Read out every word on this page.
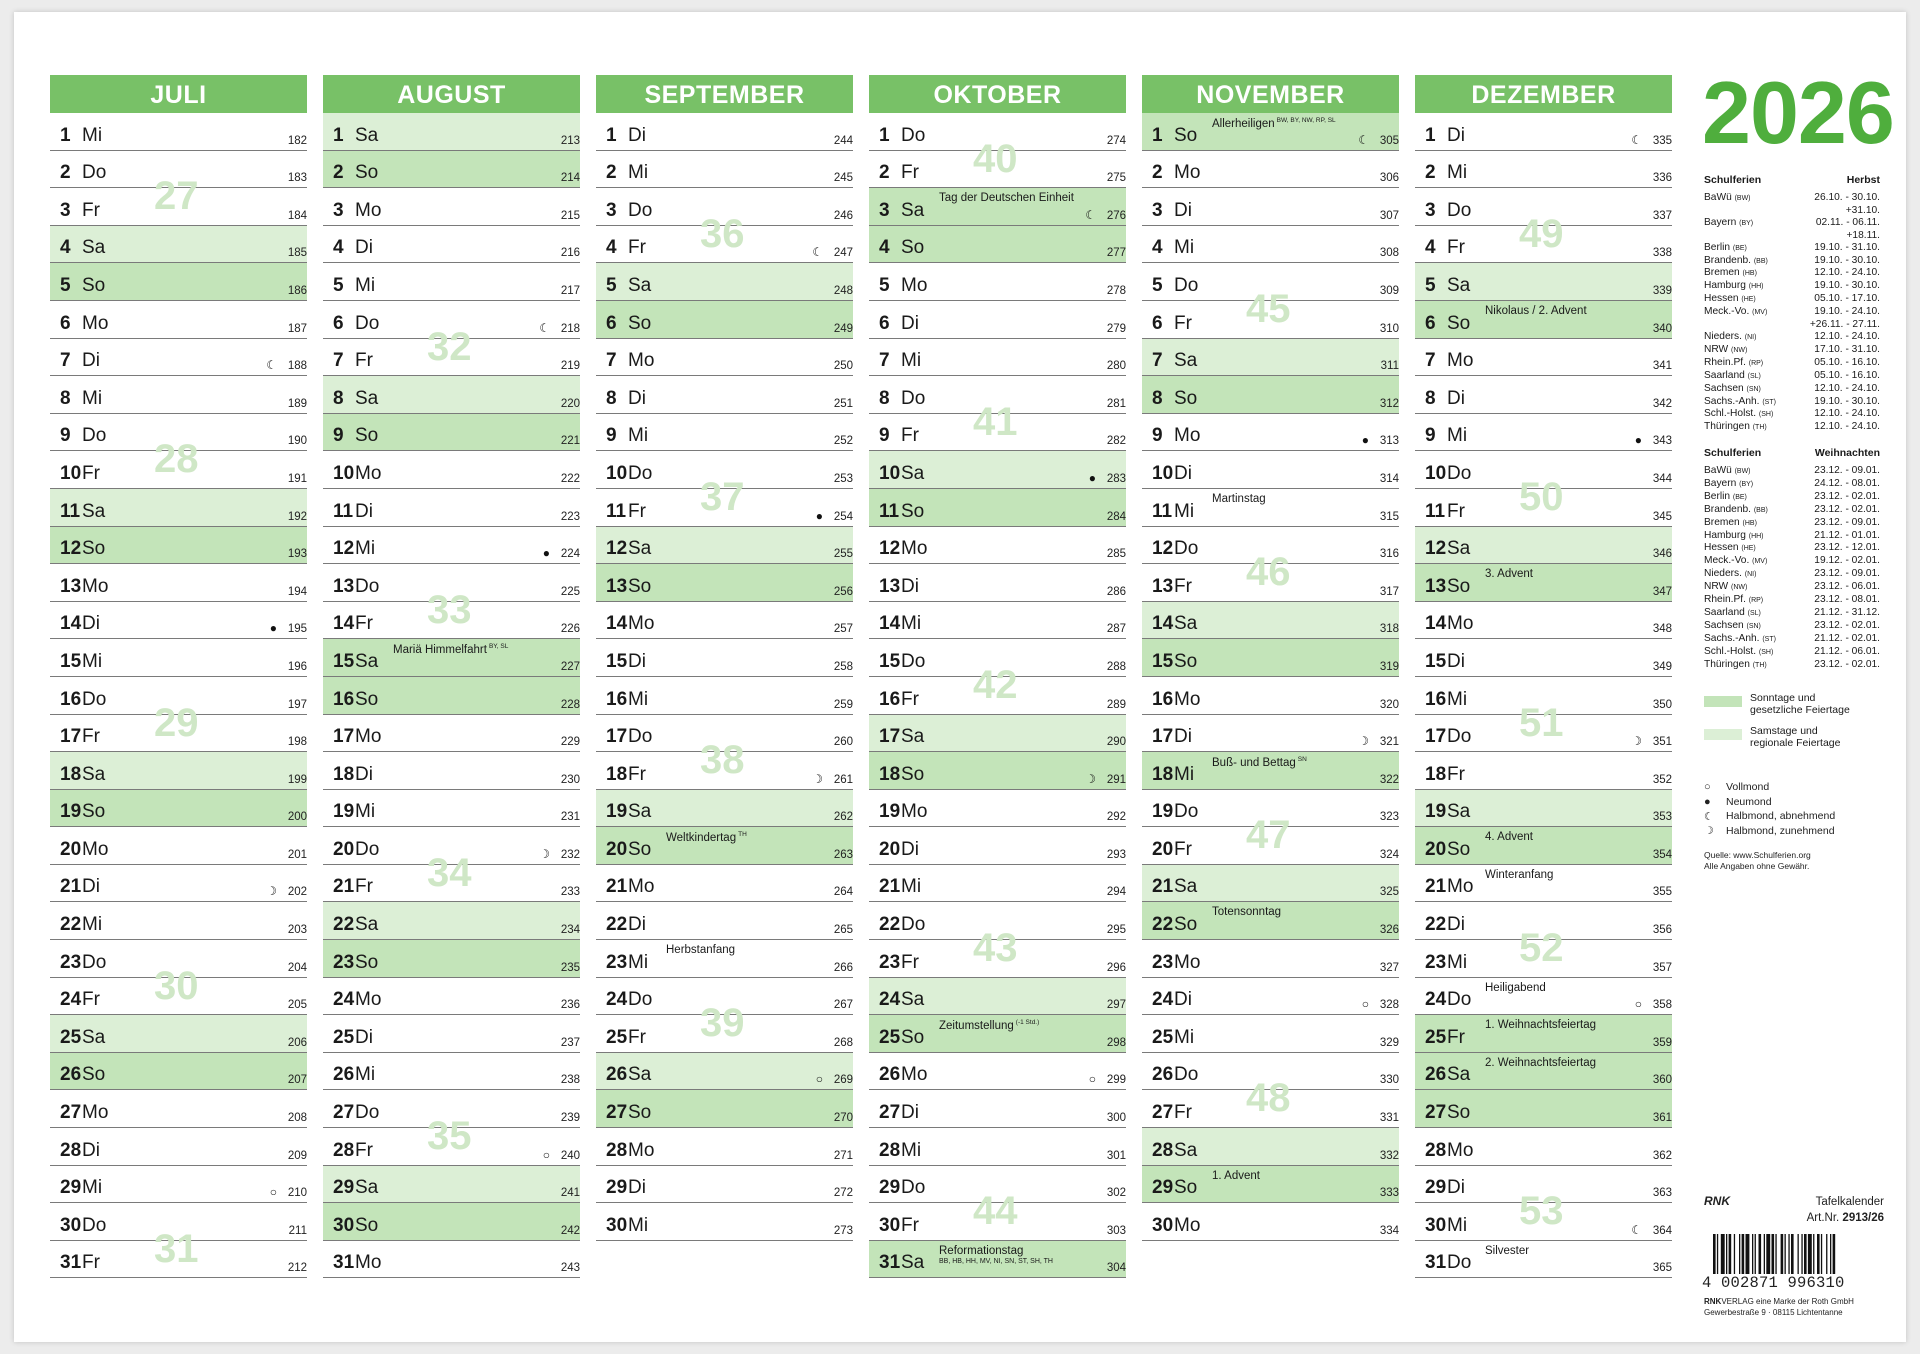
JULI
1 Mi	182
2 Do	183
3 Fr	184
27
4 Sa	185
5 So	186
6 Mo	187
7 Di	188
☾
8 Mi	189
9 Do	190
10 Fr	191
28
11 Sa	192
12 So	193
13 Mo	194
14 Di	195
●
15 Mi	196
16 Do	197
17 Fr	198
29
18 Sa	199
19 So	200
20 Mo	201
21 Di	202
☽
22 Mi	203
23 Do	204
24 Fr	205
30
25 Sa	206
26 So	207
27 Mo	208
28 Di	209
29 Mi	210
○
30 Do	211
31 Fr	212
31
AUGUST
1 Sa	213
2 So	214
3 Mo	215
4 Di	216
5 Mi	217
6 Do	218
☾
7 Fr	219
32
8 Sa	220
9 So	221
10 Mo	222
11 Di	223
12 Mi	224
●
13 Do	225
14 Fr	226
33
15 Sa	227
Mariä Himmelfahrt $^{BY, SL}$
16 So	228
17 Mo	229
18 Di	230
19 Mi	231
20 Do	232
☽
21 Fr	233
34
22 Sa	234
23 So	235
24 Mo	236
25 Di	237
26 Mi	238
27 Do	239
28 Fr	240
○
35
29 Sa	241
30 So	242
31 Mo	243
SEPTEMBER
1 Di	244
2 Mi	245
3 Do	246
4 Fr	247
☾
36
5 Sa	248
6 So	249
7 Mo	250
8 Di	251
9 Mi	252
10 Do	253
11 Fr	254
●
37
12 Sa	255
13 So	256
14 Mo	257
15 Di	258
16 Mi	259
17 Do	260
18 Fr	261
☽
38
19 Sa	262
20 So	263
Weltkindertag $^{TH}$
21 Mo	264
22 Di	265
23 Mi	266
Herbstanfang
24 Do	267
25 Fr	268
39
26 Sa	269
○
27 So	270
28 Mo	271
29 Di	272
30 Mi	273
OKTOBER
1 Do	274
2 Fr	275
40
3 Sa	276
Tag der Deutschen Einheit
☾
4 So	277
5 Mo	278
6 Di	279
7 Mi	280
8 Do	281
9 Fr	282
41
10 Sa	283
●
11 So	284
12 Mo	285
13 Di	286
14 Mi	287
15 Do	288
16 Fr	289
42
17 Sa	290
18 So	291
☽
19 Mo	292
20 Di	293
21 Mi	294
22 Do	295
23 Fr	296
43
24 Sa	297
25 So	298
Zeitumstellung $^{(-1 Std.)}$
26 Mo	299
○
27 Di	300
28 Mi	301
29 Do	302
30 Fr	303
44
31 Sa	304
Reformationstag
BB, HB, HH, MV, NI, SN, ST, SH, TH
NOVEMBER
1 So	305
Allerheiligen $^{BW, BY, NW, RP, SL}$
☾
2 Mo	306
3 Di	307
4 Mi	308
5 Do	309
6 Fr	310
45
7 Sa	311
8 So	312
9 Mo	313
●
10 Di	314
11 Mi	315
Martinstag
12 Do	316
13 Fr	317
46
14 Sa	318
15 So	319
16 Mo	320
17 Di	321
☽
18 Mi	322
Buß- und Bettag $^{SN}$
19 Do	323
20 Fr	324
47
21 Sa	325
22 So	326
Totensonntag
23 Mo	327
24 Di	328
○
25 Mi	329
26 Do	330
27 Fr	331
48
28 Sa	332
29 So	333
1. Advent
30 Mo	334
DEZEMBER
1 Di	335
☾
2 Mi	336
3 Do	337
4 Fr	338
49
5 Sa	339
6 So	340
Nikolaus / 2. Advent
7 Mo	341
8 Di	342
9 Mi	343
●
10 Do	344
11 Fr	345
50
12 Sa	346
13 So	347
3. Advent
14 Mo	348
15 Di	349
16 Mi	350
17 Do	351
☽
51
18 Fr	352
19 Sa	353
20 So	354
4. Advent
21 Mo	355
Winteranfang
22 Di	356
23 Mi	357
52
24 Do	358
Heiligabend
○
25 Fr	359
1. Weihnachtsfeiertag
26 Sa	360
2. Weihnachtsfeiertag
27 So	361
28 Mo	362
29 Di	363
30 Mi	364
☾
53
31 Do	365
Silvester
2026
Schulferien	Herbst
BaWü (BW)	26.10. - 30.10.
+31.10.
Bayern (BY)	02.11. - 06.11.
+18.11.
Berlin (BE)	19.10. - 31.10.
Brandenb. (BB)	19.10. - 30.10.
Bremen (HB)	12.10. - 24.10.
Hamburg (HH)	19.10. - 30.10.
Hessen (HE)	05.10. - 17.10.
Meck.-Vo. (MV)	19.10. - 24.10.
+26.11. - 27.11.
Nieders. (NI)	12.10. - 24.10.
NRW (NW)	17.10. - 31.10.
Rhein.Pf. (RP)	05.10. - 16.10.
Saarland (SL)	05.10. - 16.10.
Sachsen (SN)	12.10. - 24.10.
Sachs.-Anh. (ST)	19.10. - 30.10.
Schl.-Holst. (SH)	12.10. - 24.10.
Thüringen (TH)	12.10. - 24.10.
Schulferien	Weihnachten
BaWü (BW)	23.12. - 09.01.
Bayern (BY)	24.12. - 08.01.
Berlin (BE)	23.12. - 02.01.
Brandenb. (BB)	23.12. - 02.01.
Bremen (HB)	23.12. - 09.01.
Hamburg (HH)	21.12. - 01.01.
Hessen (HE)	23.12. - 12.01.
Meck.-Vo. (MV)	19.12. - 02.01.
Nieders. (NI)	23.12. - 09.01.
NRW (NW)	23.12. - 06.01.
Rhein.Pf. (RP)	23.12. - 08.01.
Saarland (SL)	21.12. - 31.12.
Sachsen (SN)	23.12. - 02.01.
Sachs.-Anh. (ST)	21.12. - 02.01.
Schl.-Holst. (SH)	21.12. - 06.01.
Thüringen (TH)	23.12. - 02.01.
Sonntage und gesetzliche Feiertage
Samstage und regionale Feiertage
○	Vollmond
●	Neumond
☾	Halbmond, abnehmend
☽	Halbmond, zunehmend
Quelle: www.Schulferien.org
Alle Angaben ohne Gewähr.
RNK	Tafelkalender
Art.Nr. 2913/26
4 002871 996310
RNKVERLAG eine Marke der Roth GmbH
Gewerbestraße 9 · 08115 Lichtentanne
